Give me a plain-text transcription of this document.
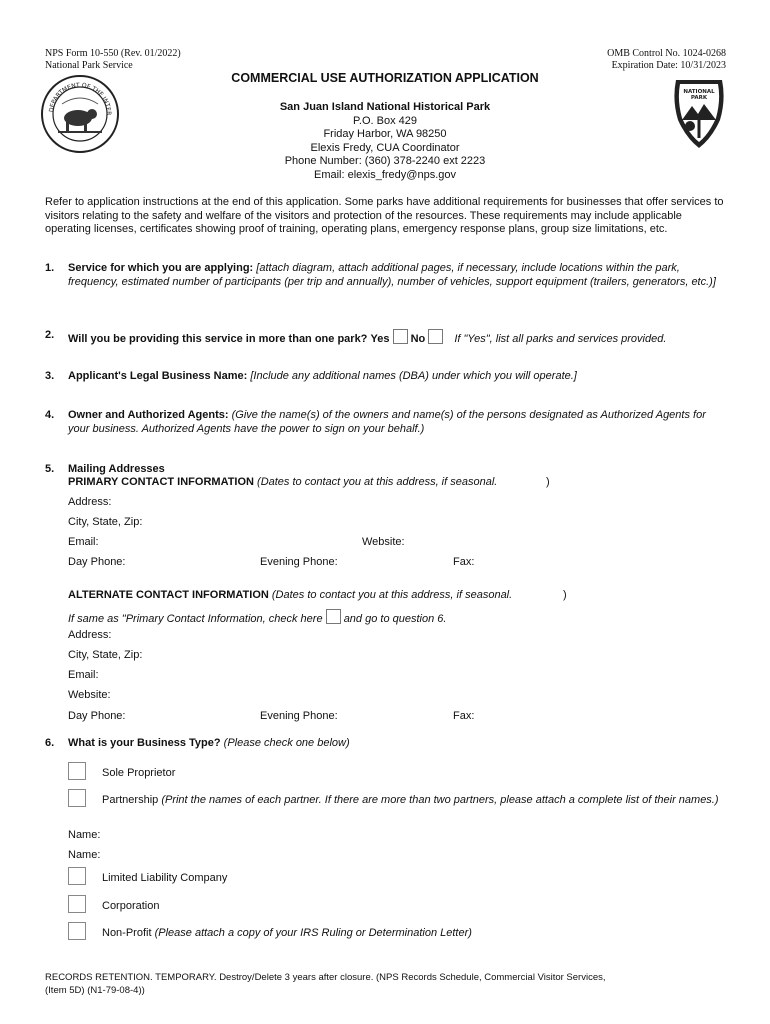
NPS Form 10-550 (Rev. 01/2022)
National Park Service
OMB Control No. 1024-0268
Expiration Date: 10/31/2023
DEPARTMENT OF THE INTER
NATIONAL
PARK
COMMERCIAL USE AUTHORIZATION APPLICATION
San Juan Island National Historical Park
P.O. Box 429
Friday Harbor, WA 98250
Elexis Fredy, CUA Coordinator
Phone Number: (360) 378-2240 ext 2223
Email: elexis_fredy@nps.gov
Refer to application instructions at the end of this application. Some parks have additional requirements for businesses that offer services to visitors relating to the safety and welfare of the visitors and protection of the resources. These requirements may include applicable operating licenses, certificates showing proof of training, operating plans, emergency response plans, group size limitations, etc.
1. Service for which you are applying: [attach diagram, attach additional pages, if necessary, include locations within the park, frequency, estimated number of participants (per trip and annually), number of vehicles, support equipment (trailers, generators, etc.)]
2. Will you be providing this service in more than one park? Yes No	If "Yes", list all parks and services provided.
3. Applicant's Legal Business Name: [Include any additional names (DBA) under which you will operate.]
4. Owner and Authorized Agents: (Give the name(s) of the owners and name(s) of the persons designated as Authorized Agents for your business. Authorized Agents have the power to sign on your behalf.)
5. Mailing Addresses
PRIMARY CONTACT INFORMATION (Dates to contact you at this address, if seasonal.	)
Address:
City, State, Zip:
Email:	Website:
Day Phone:	Evening Phone:	Fax:
ALTERNATE CONTACT INFORMATION (Dates to contact you at this address, if seasonal.	)
If same as "Primary Contact Information, check here and go to question 6.
Address:
City, State, Zip:
Email:
Website:
Day Phone:	Evening Phone:	Fax:
6. What is your Business Type? (Please check one below)
Sole Proprietor
Partnership (Print the names of each partner. If there are more than two partners, please attach a complete list of their names.)
Name:
Name:
Limited Liability Company
Corporation
Non-Profit (Please attach a copy of your IRS Ruling or Determination Letter)
RECORDS RETENTION. TEMPORARY. Destroy/Delete 3 years after closure. (NPS Records Schedule, Commercial Visitor Services,
(Item 5D) (N1-79-08-4))
